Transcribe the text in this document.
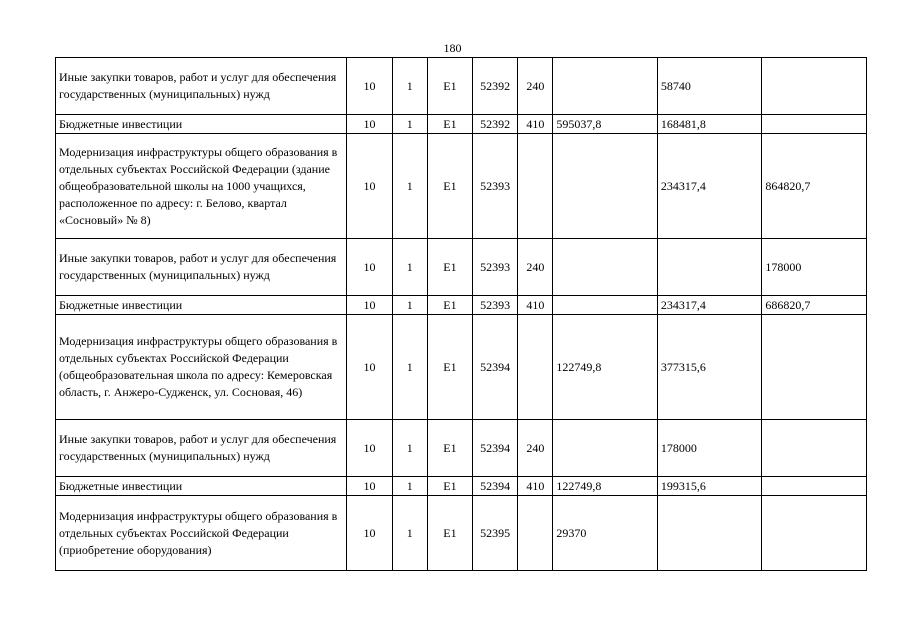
180
Иные закупки товаров, работ и услуг для обеспечения государственных (муниципальных) нужд	10	1	E1	52392	240		58740	
Бюджетные инвестиции	10	1	E1	52392	410	595037,8	168481,8	
Модернизация инфраструктуры общего образования в отдельных субъектах Российской Федерации (здание общеобразовательной школы на 1000 учащихся, расположенное по адресу: г. Белово, квартал «Сосновый» № 8)	10	1	E1	52393			234317,4	864820,7
Иные закупки товаров, работ и услуг для обеспечения государственных (муниципальных) нужд	10	1	E1	52393	240			178000
Бюджетные инвестиции	10	1	E1	52393	410		234317,4	686820,7
Модернизация инфраструктуры общего образования в отдельных субъектах Российской Федерации (общеобразовательная школа по адресу: Кемеровская область, г. Анжеро-Судженск, ул. Сосновая, 46)	10	1	E1	52394		122749,8	377315,6	
Иные закупки товаров, работ и услуг для обеспечения государственных (муниципальных) нужд	10	1	E1	52394	240		178000	
Бюджетные инвестиции	10	1	E1	52394	410	122749,8	199315,6	
Модернизация инфраструктуры общего образования в отдельных субъектах Российской Федерации (приобретение оборудования)	10	1	E1	52395		29370		
